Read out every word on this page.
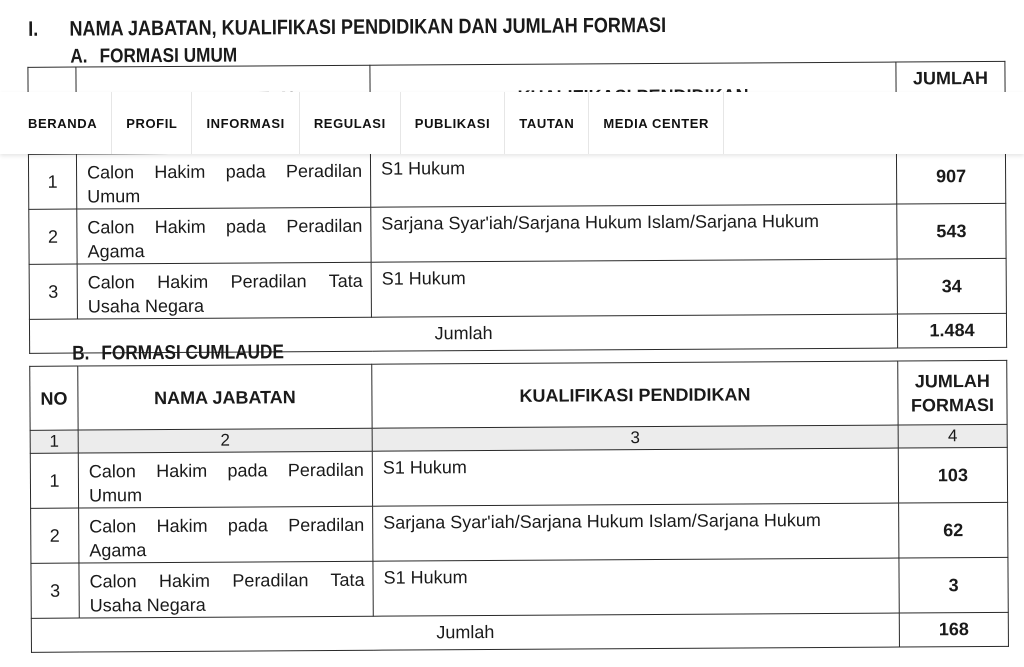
I. NAMA JABATAN, KUALIFIKASI PENDIDIKAN DAN JUMLAH FORMASI
A. FORMASI UMUM
			JUMLAH

1	Calon Hakim pada Peradilan Umum	S1 Hukum	907
2	Calon Hakim pada Peradilan Agama	Sarjana Syar'iah/Sarjana Hukum Islam/Sarjana Hukum	543
3	Calon Hakim Peradilan Tata Usaha Negara	S1 Hukum	34
Jumlah			1.484
B. FORMASI CUMLAUDE
NO	NAMA JABATAN	KUALIFIKASI PENDIDIKAN	JUMLAH
FORMASI
1	2	3	4
1	Calon Hakim pada Peradilan Umum	S1 Hukum	103
2	Calon Hakim pada Peradilan Agama	Sarjana Syar'iah/Sarjana Hukum Islam/Sarjana Hukum	62
3	Calon Hakim Peradilan Tata Usaha Negara	S1 Hukum	3
Jumlah			168
BERANDA	PROFIL	INFORMASI	REGULASI	PUBLIKASI	TAUTAN	MEDIA CENTER
